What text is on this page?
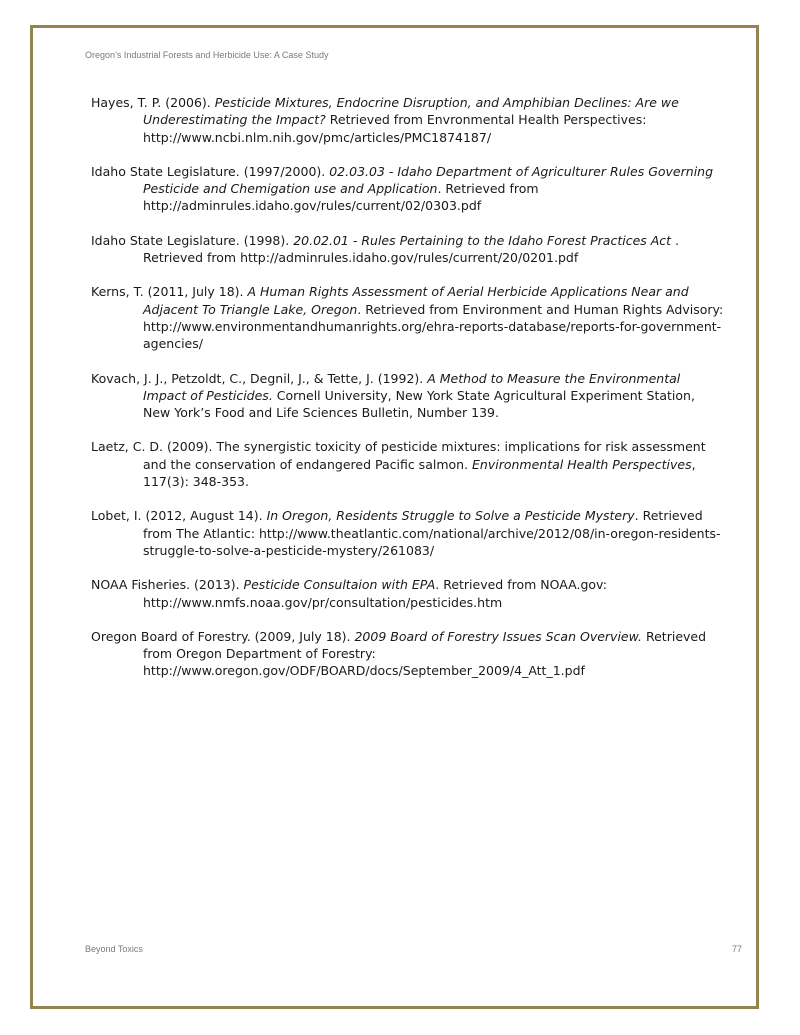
Oregon’s Industrial Forests and Herbicide Use: A Case Study

Hayes, T. P. (2006). Pesticide Mixtures, Endocrine Disruption, and Amphibian Declines: Are we Underestimating the Impact? Retrieved from Envronmental Health Perspectives: http://www.ncbi.nlm.nih.gov/pmc/articles/PMC1874187/

Idaho State Legislature. (1997/2000). 02.03.03 - Idaho Department of Agriculturer Rules Governing Pesticide and Chemigation use and Application. Retrieved from http://adminrules.idaho.gov/rules/current/02/0303.pdf

Idaho State Legislature. (1998). 20.02.01 - Rules Pertaining to the Idaho Forest Practices Act . Retrieved from http://adminrules.idaho.gov/rules/current/20/0201.pdf

Kerns, T. (2011, July 18). A Human Rights Assessment of Aerial Herbicide Applications Near and Adjacent To Triangle Lake, Oregon. Retrieved from Environment and Human Rights Advisory: http://www.environmentandhumanrights.org/ehra-reports-database/reports-for-government-agencies/

Kovach, J. J., Petzoldt, C., Degnil, J., & Tette, J. (1992). A Method to Measure the Environmental Impact of Pesticides. Cornell University, New York State Agricultural Experiment Station, New York’s Food and Life Sciences Bulletin, Number 139.

Laetz, C. D. (2009). The synergistic toxicity of pesticide mixtures: implications for risk assessment and the conservation of endangered Pacific salmon. Environmental Health Perspectives, 117(3): 348-353.

Lobet, I. (2012, August 14). In Oregon, Residents Struggle to Solve a Pesticide Mystery. Retrieved from The Atlantic: http://www.theatlantic.com/national/archive/2012/08/in-oregon-residents-struggle-to-solve-a-pesticide-mystery/261083/

NOAA Fisheries. (2013). Pesticide Consultaion with EPA. Retrieved from NOAA.gov: http://www.nmfs.noaa.gov/pr/consultation/pesticides.htm

Oregon Board of Forestry. (2009, July 18). 2009 Board of Forestry Issues Scan Overview. Retrieved from Oregon Department of Forestry: http://www.oregon.gov/ODF/BOARD/docs/September_2009/4_Att_1.pdf

Beyond Toxics	77
